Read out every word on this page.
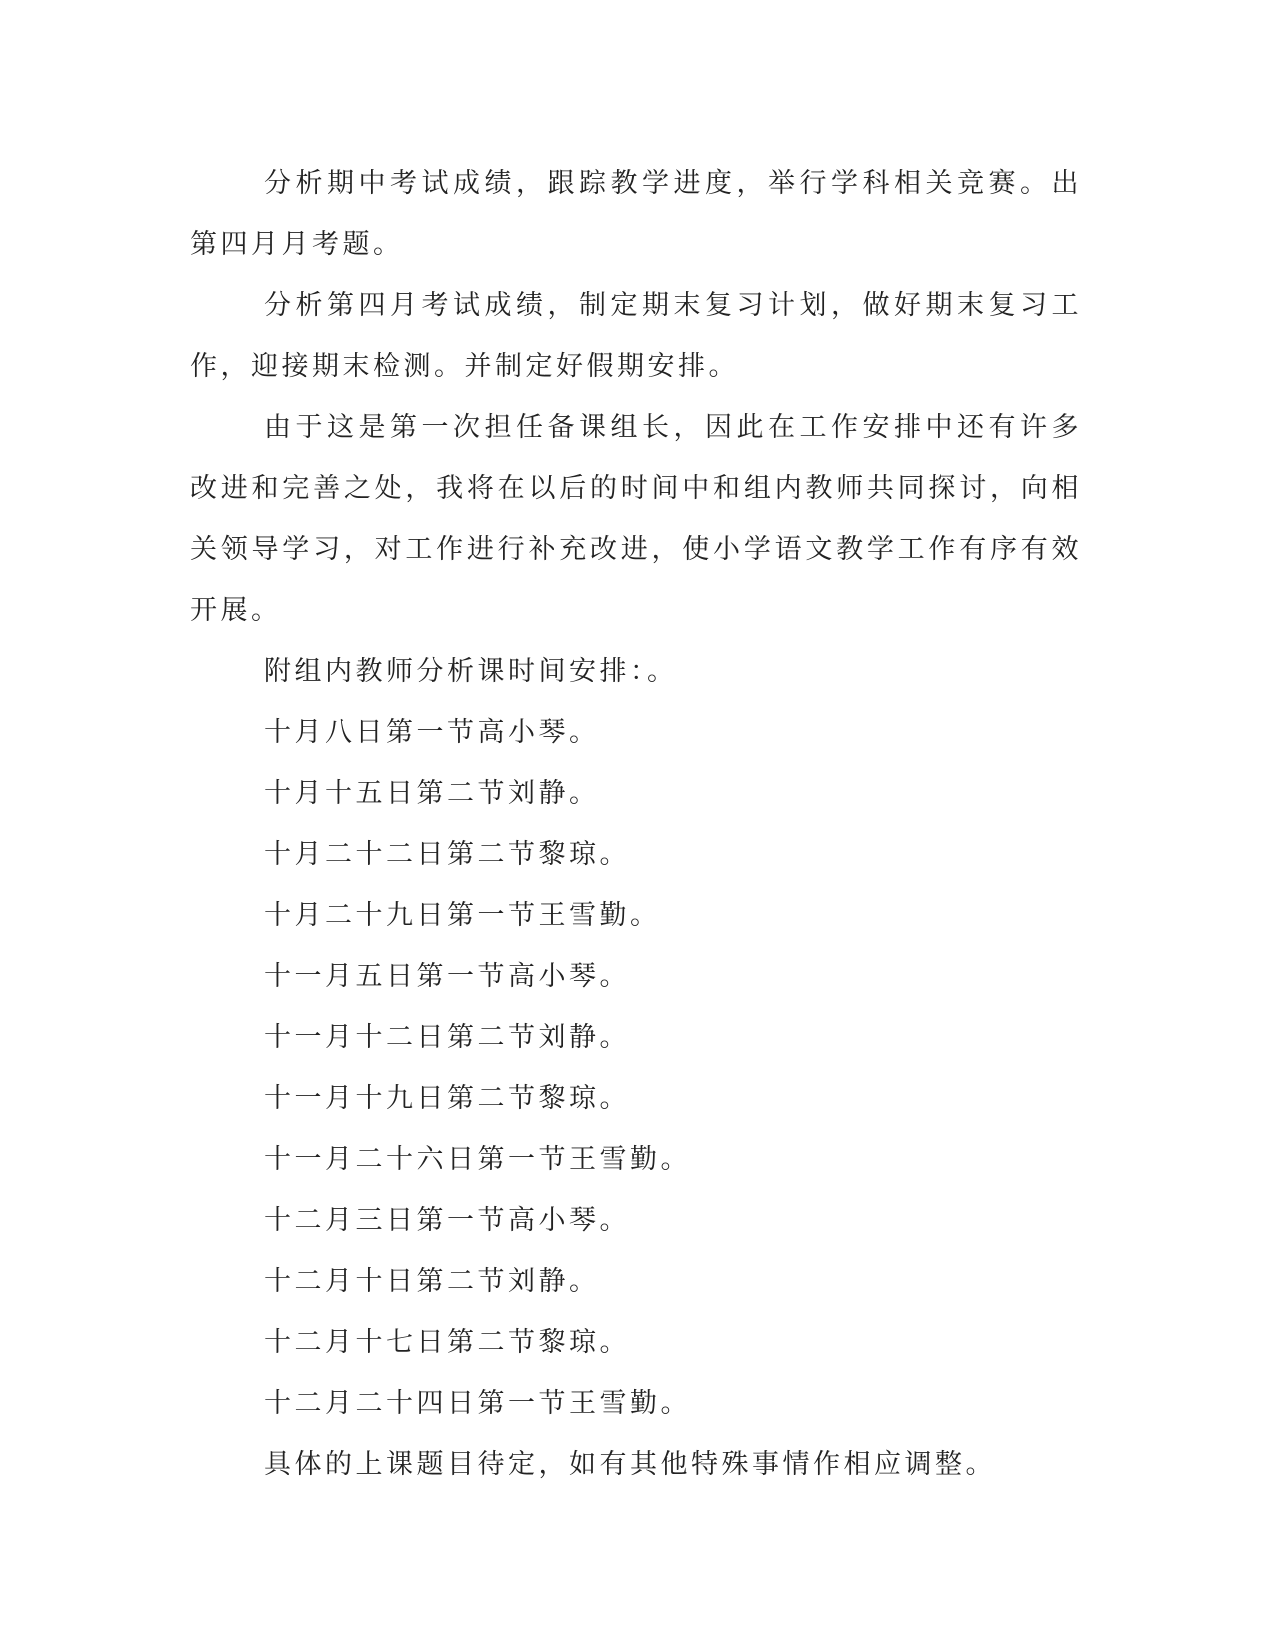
分析期中考试成绩，跟踪教学进度，举行学科相关竞赛。出第四月月考题。

分析第四月考试成绩，制定期末复习计划，做好期末复习工作，迎接期末检测。并制定好假期安排。

由于这是第一次担任备课组长，因此在工作安排中还有许多改进和完善之处，我将在以后的时间中和组内教师共同探讨，向相关领导学习，对工作进行补充改进，使小学语文教学工作有序有效开展。

附组内教师分析课时间安排：。

十月八日第一节高小琴。
十月十五日第二节刘静。
十月二十二日第二节黎琼。
十月二十九日第一节王雪勤。
十一月五日第一节高小琴。
十一月十二日第二节刘静。
十一月十九日第二节黎琼。
十一月二十六日第一节王雪勤。
十二月三日第一节高小琴。
十二月十日第二节刘静。
十二月十七日第二节黎琼。
十二月二十四日第一节王雪勤。

具体的上课题目待定，如有其他特殊事情作相应调整。
